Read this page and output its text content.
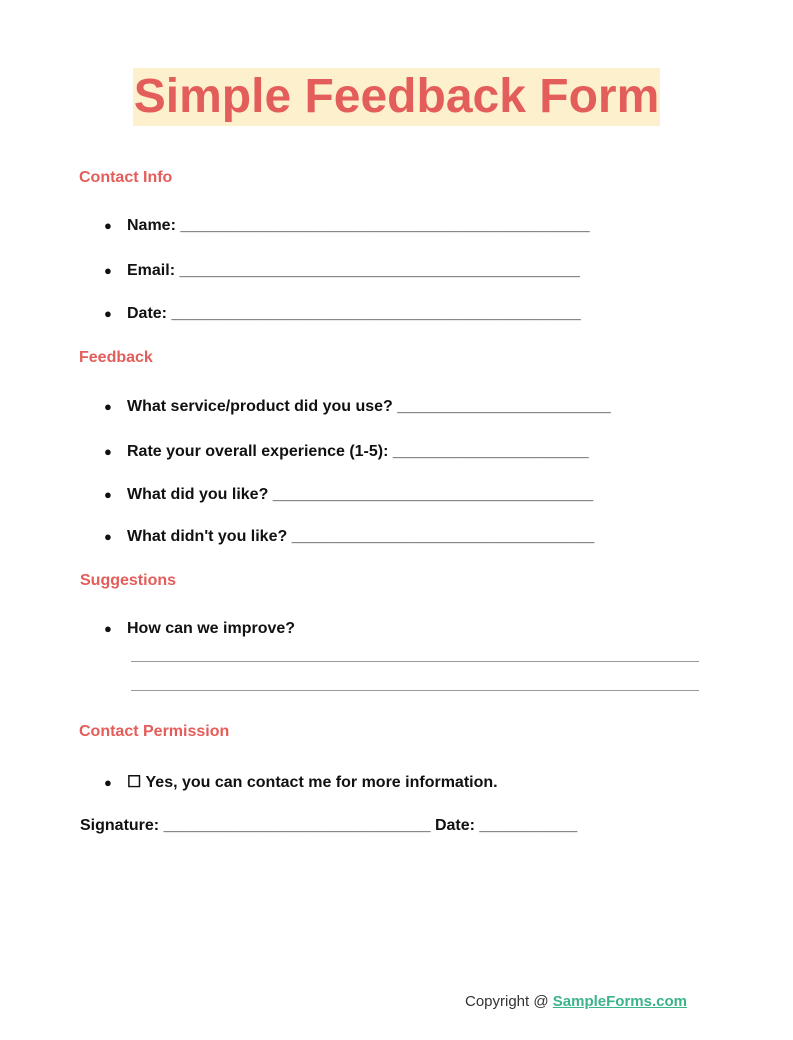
Simple Feedback Form
Contact Info
● Name: ______________________________________________
● Email: _____________________________________________
● Date: ______________________________________________
Feedback
● What service/product did you use? ________________________
● Rate your overall experience (1-5): ______________________
● What did you like? ____________________________________
● What didn't you like? __________________________________
Suggestions
● How can we improve?
Contact Permission
● ☐ Yes, you can contact me for more information.
Signature: ______________________________ Date: ___________
Copyright @ SampleForms.com
